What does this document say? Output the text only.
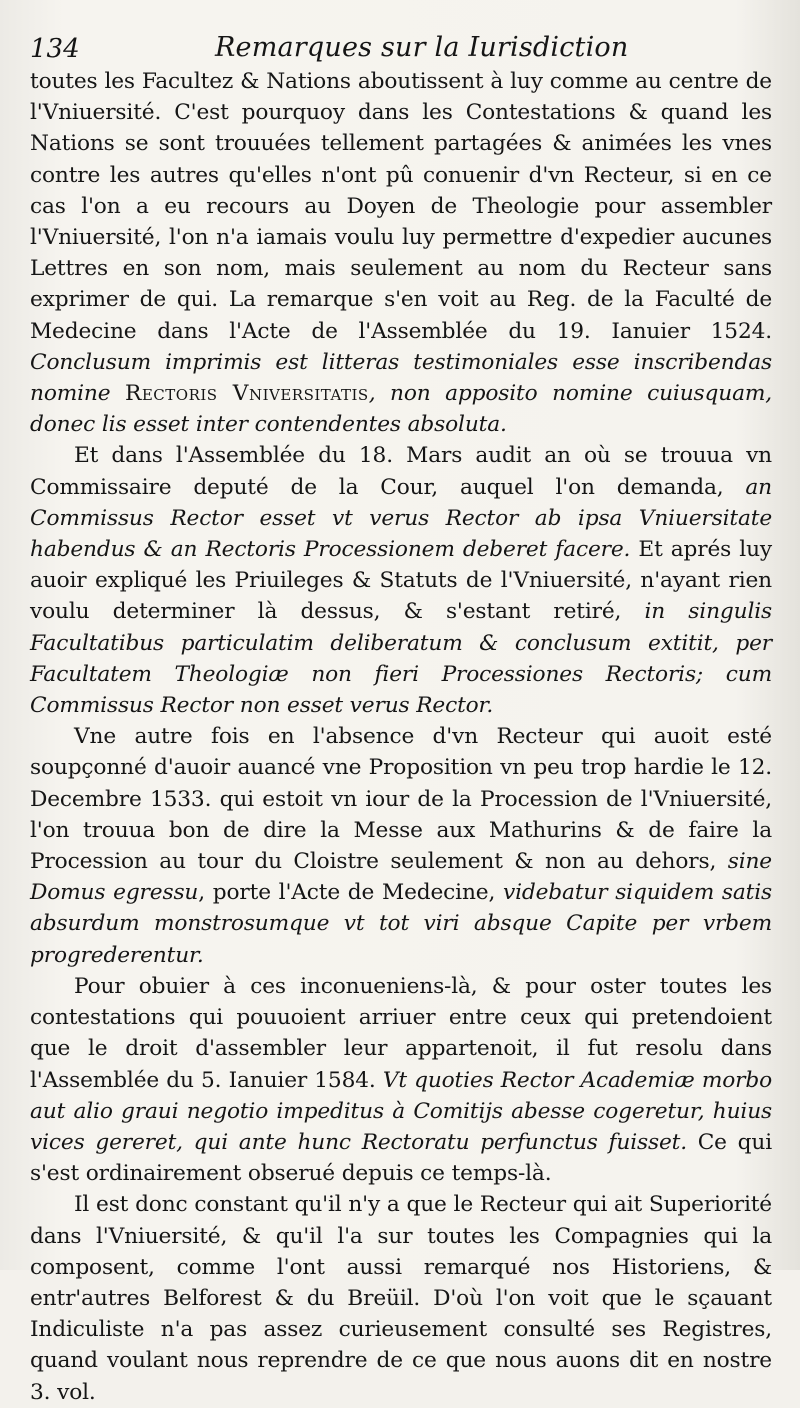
134	Remarques sur la Iurisdiction

toutes les Facultez & Nations aboutissent à luy comme au centre de l'Vniuersité. C'est pourquoy dans les Contestations & quand les Nations se sont trouuées tellement partagées & animées les vnes contre les autres qu'elles n'ont pû conuenir d'vn Recteur, si en ce cas l'on a eu recours au Doyen de Theologie pour assembler l'Vniuersité, l'on n'a iamais voulu luy permettre d'expedier aucunes Lettres en son nom, mais seulement au nom du Recteur sans exprimer de qui. La remarque s'en voit au Reg. de la Faculté de Medecine dans l'Acte de l'Assemblée du 19. Ianuier 1524. Conclusum imprimis est litteras testimoniales esse inscribendas nomine Rectoris Vniversitatis, non apposito nomine cuiusquam, donec lis esset inter contendentes absoluta.

Et dans l'Assemblée du 18. Mars audit an où se trouua vn Commissaire deputé de la Cour, auquel l'on demanda, an Commissus Rector esset vt verus Rector ab ipsa Vniuersitate habendus & an Rectoris Processionem deberet facere. Et aprés luy auoir expliqué les Priuileges & Statuts de l'Vniuersité, n'ayant rien voulu determiner là dessus, & s'estant retiré, in singulis Facultatibus particulatim deliberatum & conclusum extitit, per Facultatem Theologiæ non fieri Processiones Rectoris; cum Commissus Rector non esset verus Rector.

Vne autre fois en l'absence d'vn Recteur qui auoit esté soupçonné d'auoir auancé vne Proposition vn peu trop hardie le 12. Decembre 1533. qui estoit vn iour de la Procession de l'Vniuersité, l'on trouua bon de dire la Messe aux Mathurins & de faire la Procession au tour du Cloistre seulement & non au dehors, sine Domus egressu, porte l'Acte de Medecine, videbatur siquidem satis absurdum monstrosumque vt tot viri absque Capite per vrbem progrederentur.

Pour obuier à ces inconueniens-là, & pour oster toutes les contestations qui pouuoient arriuer entre ceux qui pretendoient que le droit d'assembler leur appartenoit, il fut resolu dans l'Assemblée du 5. Ianuier 1584. Vt quoties Rector Academiæ morbo aut alio graui negotio impeditus à Comitijs abesse cogeretur, huius vices gereret, qui ante hunc Rectoratu perfunctus fuisset. Ce qui s'est ordinairement obserué depuis ce temps-là.

Il est donc constant qu'il n'y a que le Recteur qui ait Superiorité dans l'Vniuersité, & qu'il l'a sur toutes les Compagnies qui la composent, comme l'ont aussi remarqué nos Historiens, & entr'autres Belforest & du Breüil. D'où l'on voit que le sçauant Indiculiste n'a pas assez curieusement consulté ses Registres, quand voulant nous reprendre de ce que nous auons dit en nostre 3. vol.
